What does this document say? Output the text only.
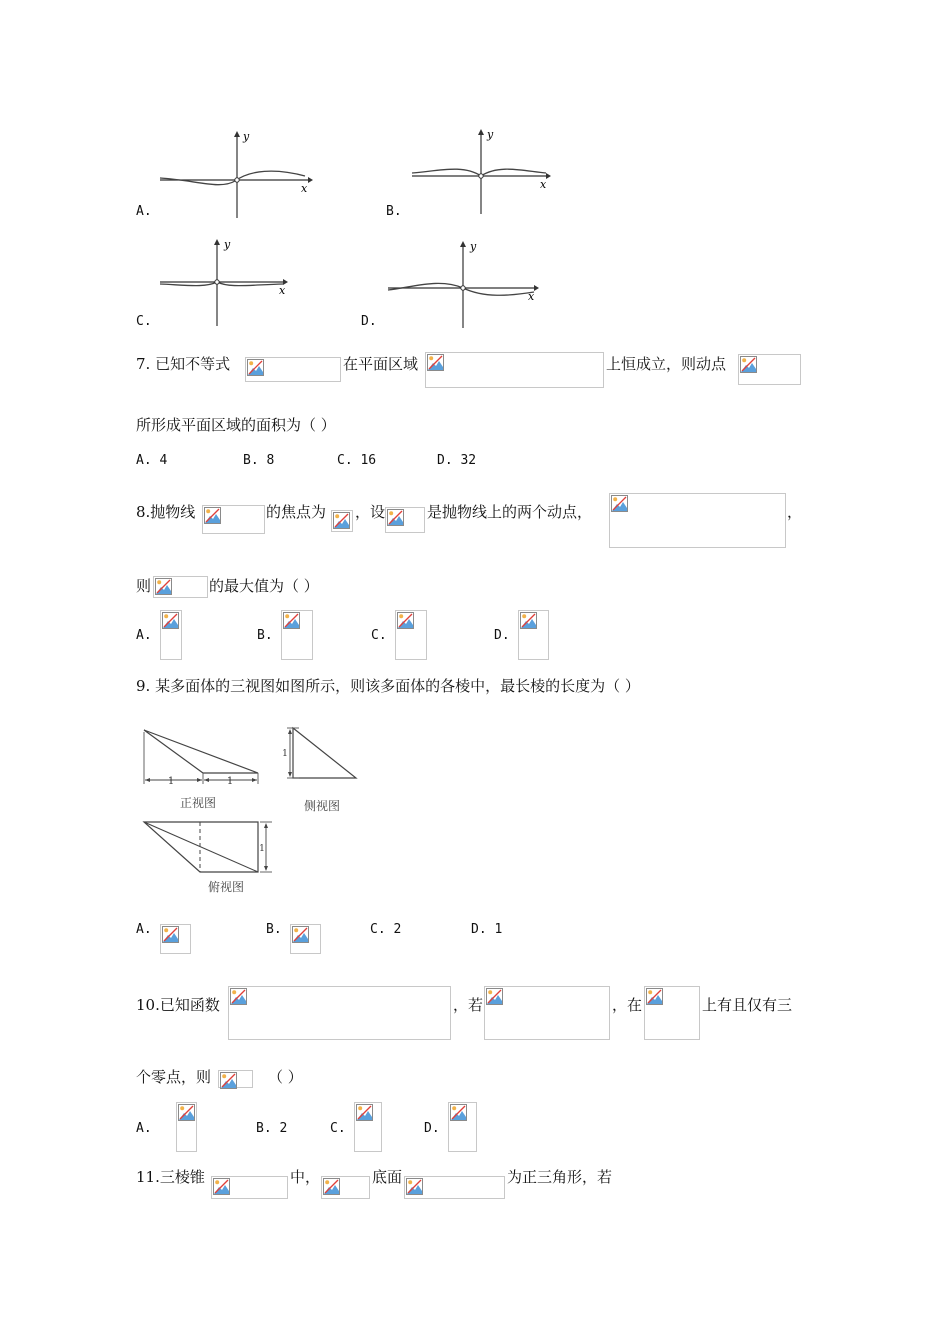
y
x
A.
y
x
B.
y
x
C.
y
x
D.
7. 已知不等式	在平面区域	上恒成立，则动点
所形成平面区域的面积为（ ）
A. 4	B. 8	C. 16	D. 32
8.抛物线	的焦点为 ，设	是抛物线上的两个动点，	，
则	的最大值为（ ）
A.	B.	C.	D.
9. 某多面体的三视图如图所示，则该多面体的各棱中，最长棱的长度为（ ）
1	1
正视图
1
侧视图
1
俯视图
A.	B.	C. 2	D. 1
10.已知函数	，若	，在	上有且仅有三
个零点，则	（ ）
A.	B. 2	C.	D.
11.三棱锥	中，	底面	为正三角形，若
